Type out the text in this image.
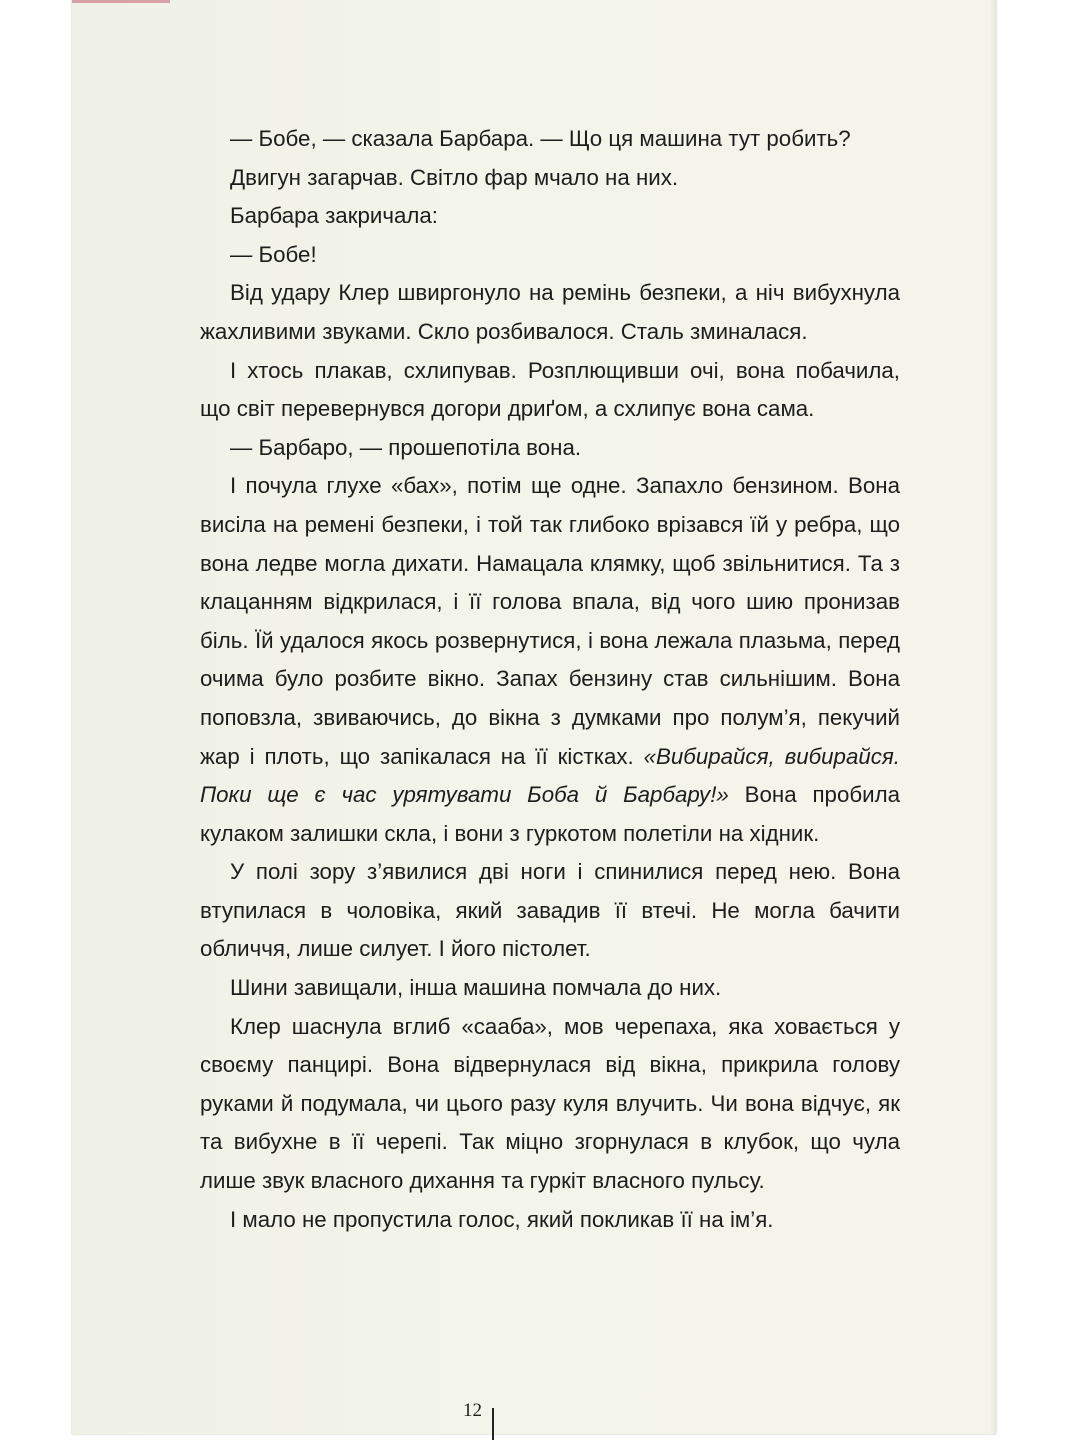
— Бобе, — сказала Барбара. — Що ця машина тут робить?

Двигун загарчав. Світло фар мчало на них.

Барбара закричала:

— Бобе!

Від удару Клер швиргонуло на ремінь безпеки, а ніч вибухнула жахливими звуками. Скло розбивалося. Сталь зминалася.

І хтось плакав, схлипував. Розплющивши очі, вона побачила, що світ перевернувся догори дриґом, а схлипує вона сама.

— Барбаро, — прошепотіла вона.

І почула глухе «бах», потім ще одне. Запахло бензином. Вона висіла на ремені безпеки, і той так глибоко врізався їй у ребра, що вона ледве могла дихати. Намацала клямку, щоб звільнитися. Та з клацанням відкрилася, і її голова впала, від чого шию пронизав біль. Їй удалося якось розвернутися, і вона лежала плазьма, перед очима було розбите вікно. Запах бензину став сильнішим. Вона поповзла, звиваючись, до вікна з думками про полум’я, пекучий жар і плоть, що запікалася на її кістках. «Вибирайся, вибирайся. Поки ще є час урятувати Боба й Барбару!» Вона пробила кулаком залишки скла, і вони з гуркотом полетіли на хідник.

У полі зору з’явилися дві ноги і спинилися перед нею. Вона втупилася в чоловіка, який завадив її втечі. Не могла бачити обличчя, лише силует. І його пістолет.

Шини завищали, інша машина помчала до них.

Клер шаснула вглиб «сааба», мов черепаха, яка ховається у своєму панцирі. Вона відвернулася від вікна, прикрила голову руками й подумала, чи цього разу куля влучить. Чи вона відчує, як та вибухне в її черепі. Так міцно згорнулася в клубок, що чула лише звук власного дихання та гуркіт власного пульсу.

І мало не пропустила голос, який покликав її на ім’я.

12
